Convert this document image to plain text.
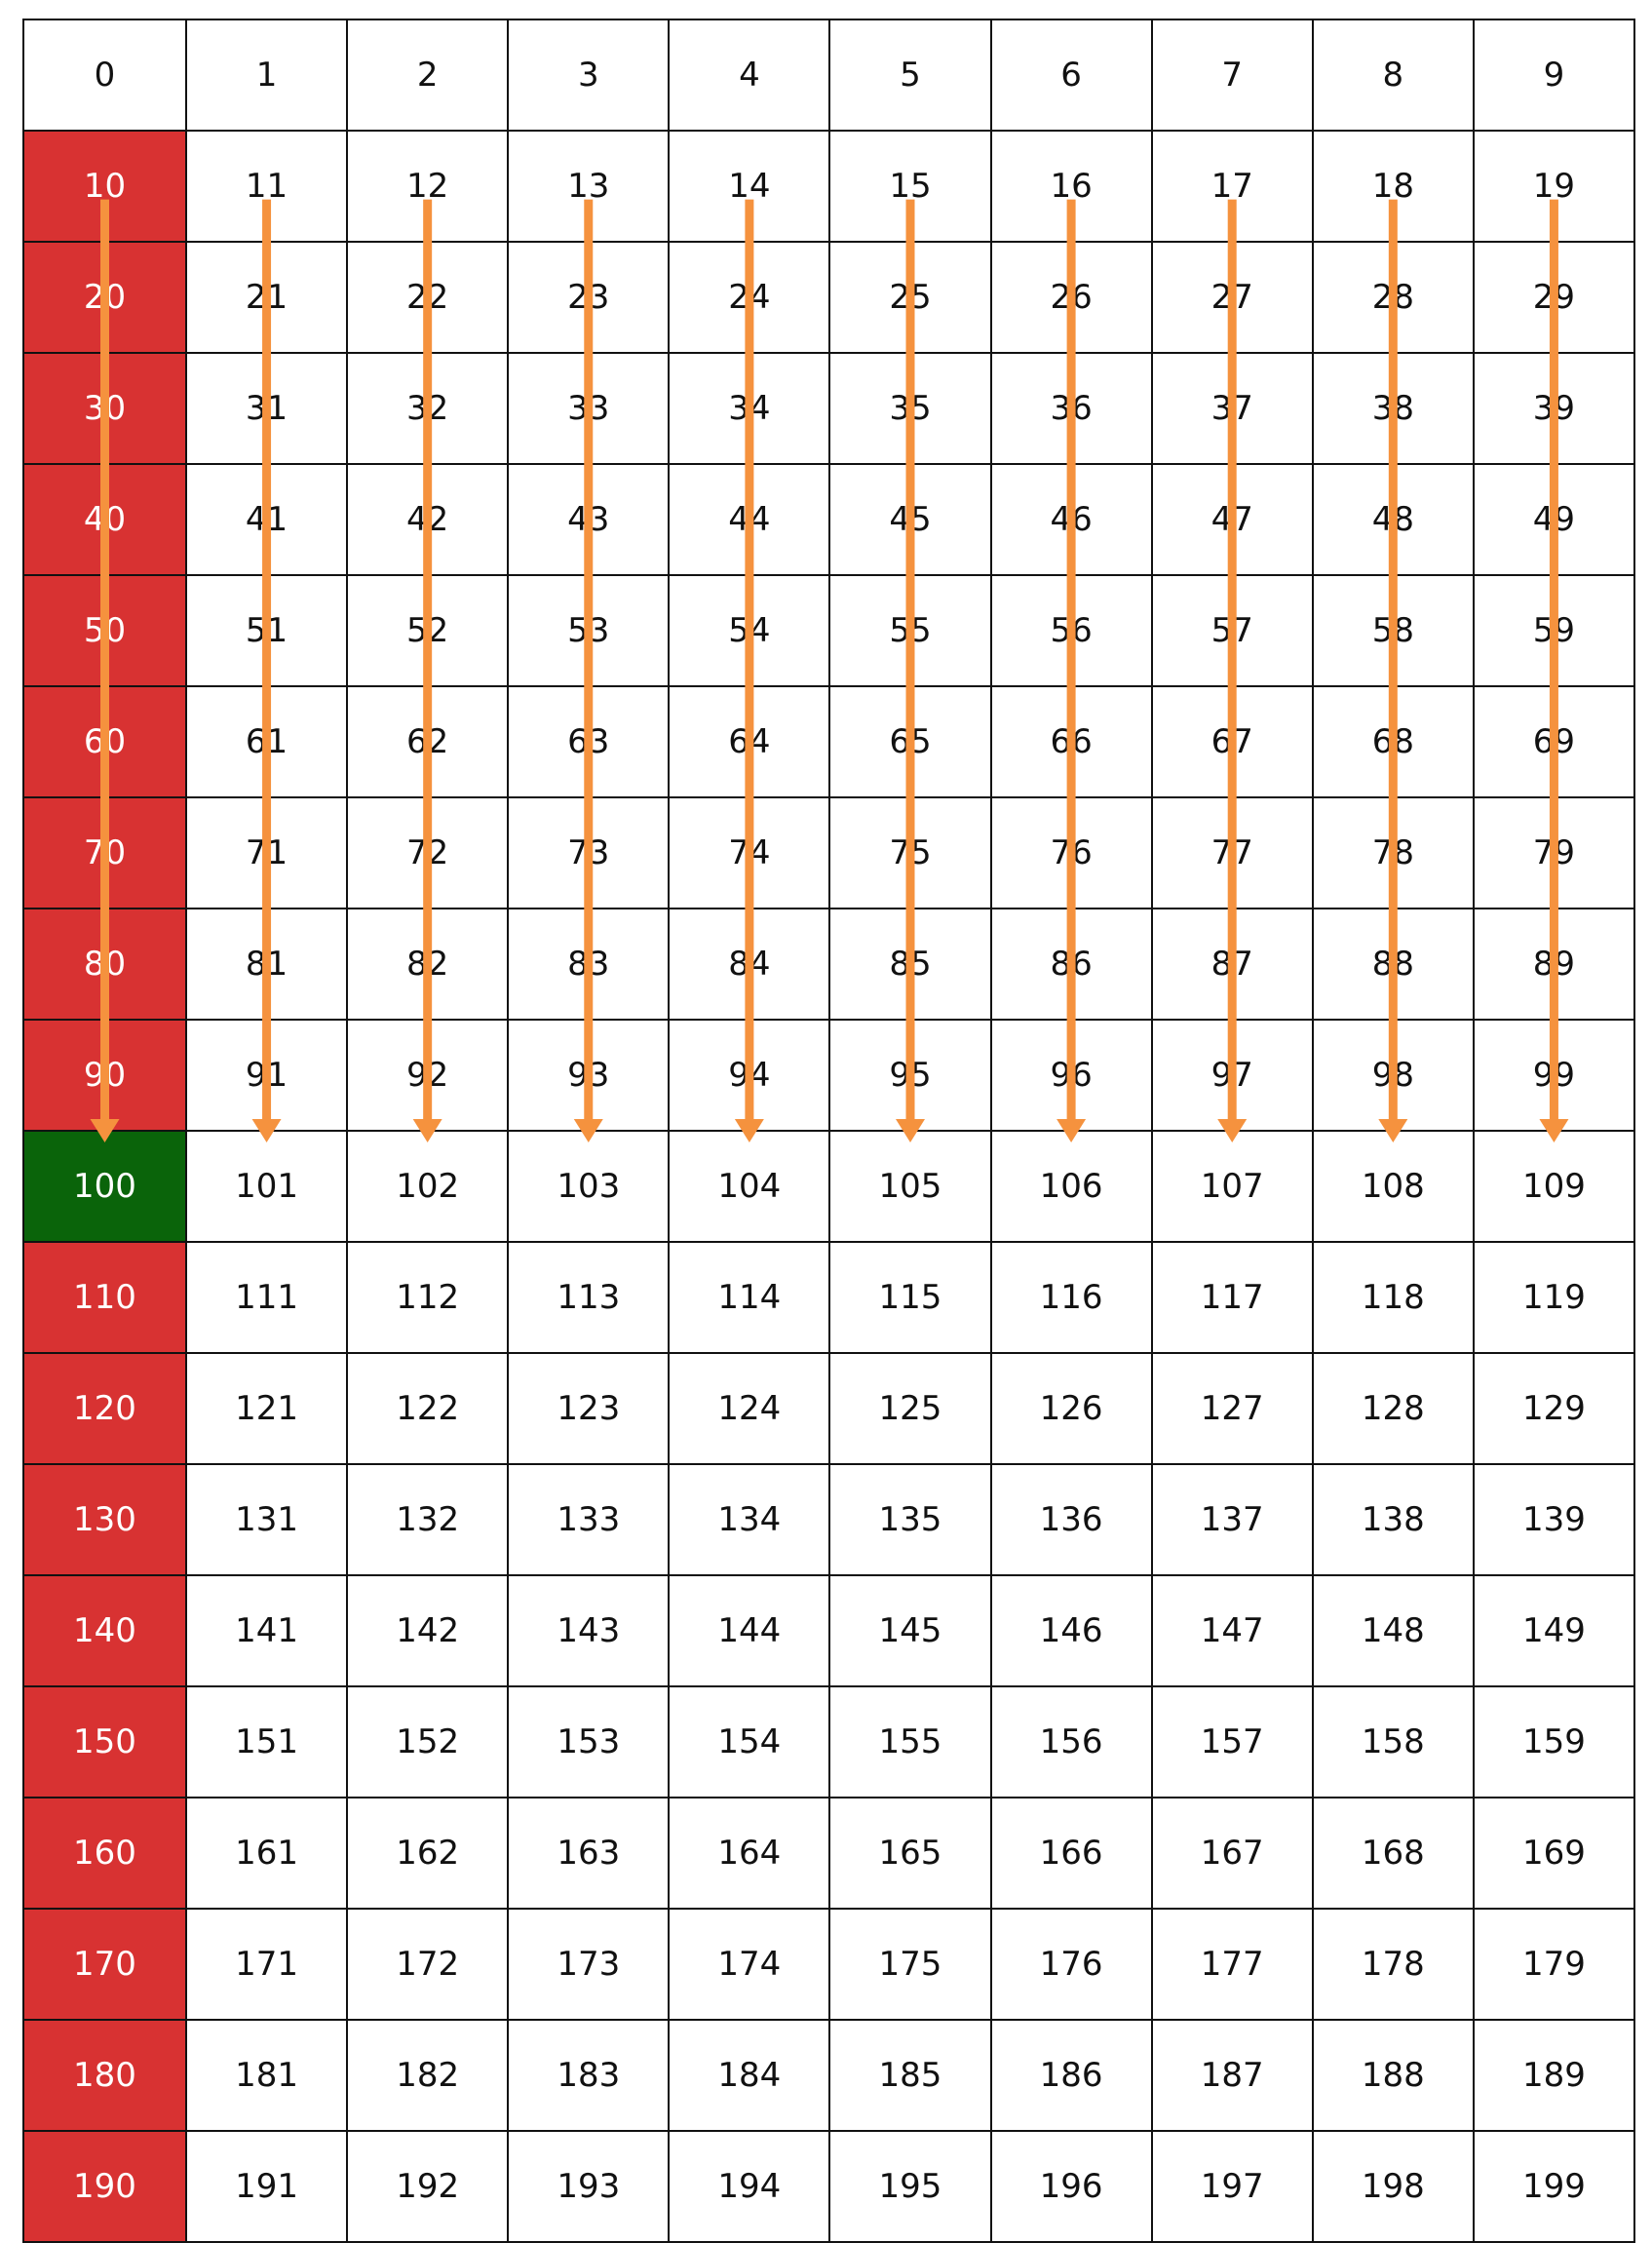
0	1	2	3	4	5	6	7	8	9
10	11	12	13	14	15	16	17	18	19
20	21	22	23	24	25	26	27	28	29
30	31	32	33	34	35	36	37	38	39
40	41	42	43	44	45	46	47	48	49
50	51	52	53	54	55	56	57	58	59
60	61	62	63	64	65	66	67	68	69
70	71	72	73	74	75	76	77	78	79
80	81	82	83	84	85	86	87	88	89
90	91	92	93	94	95	96	97	98	99
100	101	102	103	104	105	106	107	108	109
110	111	112	113	114	115	116	117	118	119
120	121	122	123	124	125	126	127	128	129
130	131	132	133	134	135	136	137	138	139
140	141	142	143	144	145	146	147	148	149
150	151	152	153	154	155	156	157	158	159
160	161	162	163	164	165	166	167	168	169
170	171	172	173	174	175	176	177	178	179
180	181	182	183	184	185	186	187	188	189
190	191	192	193	194	195	196	197	198	199
